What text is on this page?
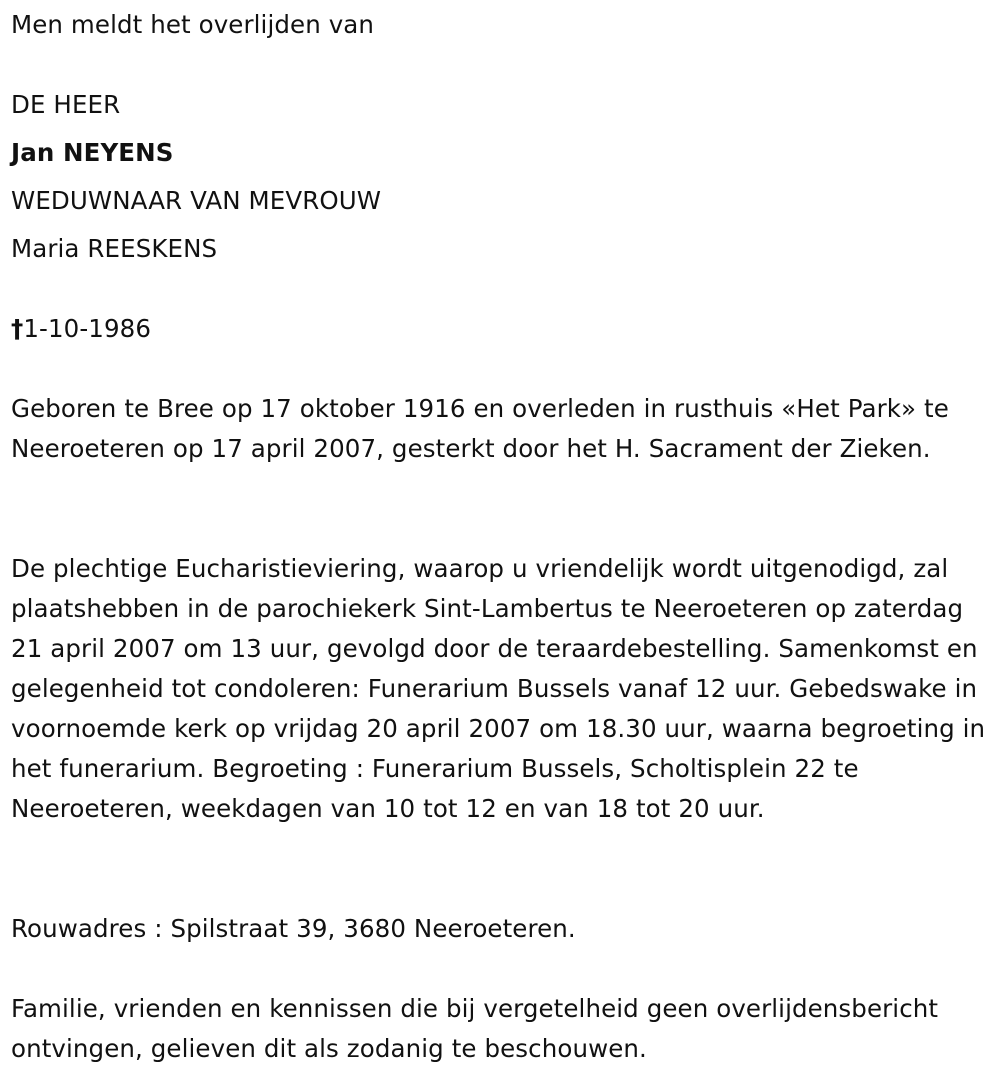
Men meldt het overlijden van
DE HEER
Jan NEYENS
WEDUWNAAR VAN MEVROUW
Maria REESKENS
†1-10-1986

Geboren te Bree op 17 oktober 1916 en overleden in rusthuis «Het Park» te Neeroeteren op 17 april 2007, gesterkt door het H. Sacrament der Zieken.

De plechtige Eucharistieviering, waarop u vriendelijk wordt uitgenodigd, zal plaatshebben in de parochiekerk Sint-Lambertus te Neeroeteren op zaterdag 21 april 2007 om 13 uur, gevolgd door de teraardebestelling. Samenkomst en gelegenheid tot condoleren: Funerarium Bussels vanaf 12 uur. Gebedswake in voornoemde kerk op vrijdag 20 april 2007 om 18.30 uur, waarna begroeting in het funerarium. Begroeting : Funerarium Bussels, Scholtisplein 22 te Neeroeteren, weekdagen van 10 tot 12 en van 18 tot 20 uur.

Rouwadres : Spilstraat 39, 3680 Neeroeteren.

Familie, vrienden en kennissen die bij vergetelheid geen overlijdensbericht ontvingen, gelieven dit als zodanig te beschouwen.
